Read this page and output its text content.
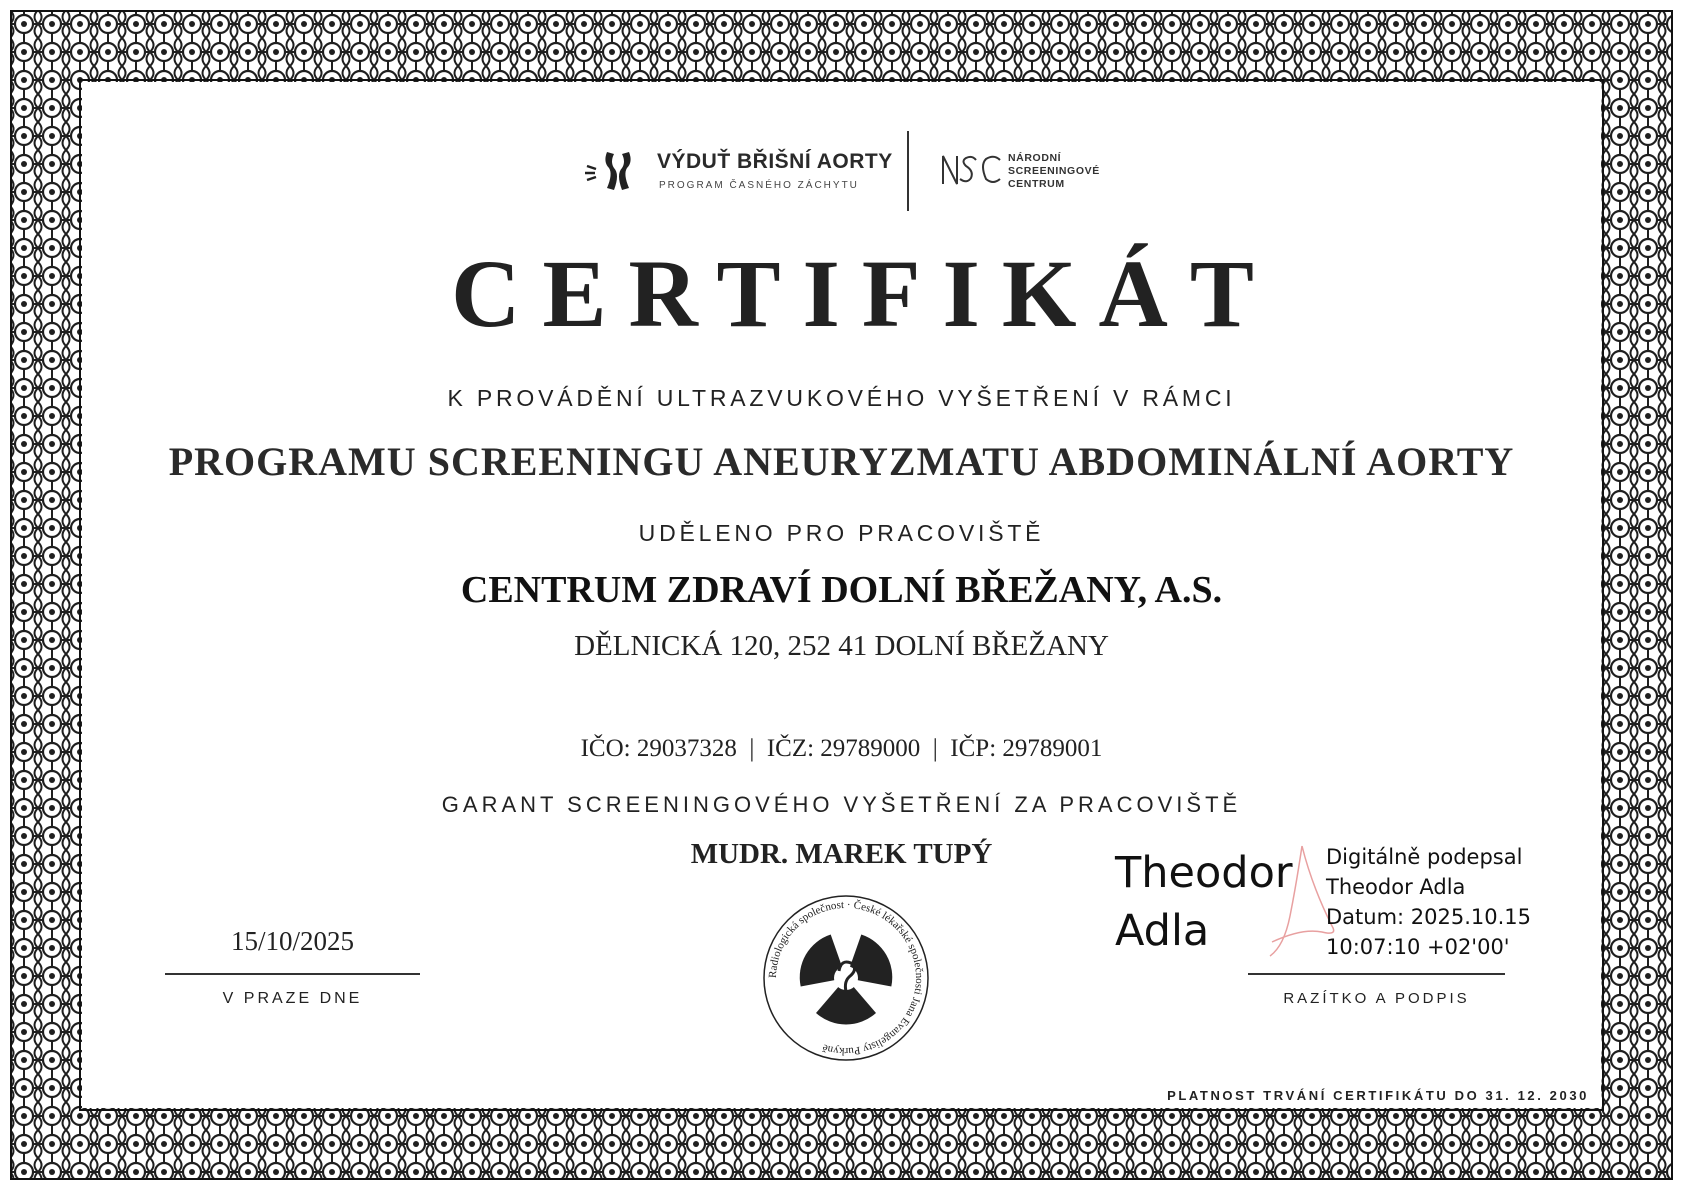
VÝDUŤ BŘIŠNÍ AORTY
PROGRAM ČASNÉHO ZÁCHYTU
NÁRODNÍ
SCREENINGOVÉ
CENTRUM
CERTIFIKÁT
K PROVÁDĚNÍ ULTRAZVUKOVÉHO VYŠETŘENÍ V RÁMCI
PROGRAMU SCREENINGU ANEURYZMATU ABDOMINÁLNÍ AORTY
UDĚLENO PRO PRACOVIŠTĚ
CENTRUM ZDRAVÍ DOLNÍ BŘEŽANY, A.S.
DĚLNICKÁ 120, 252 41 DOLNÍ BŘEŽANY
IČO: 29037328  |  IČZ: 29789000  |  IČP: 29789001
GARANT SCREENINGOVÉHO VYŠETŘENÍ ZA PRACOVIŠTĚ
MUDR. MAREK TUPÝ
15/10/2025
V PRAZE DNE
Radiologická společnost · České lékařské společnosti Jana Evangelisty Purkyně
Theodor
Adla
Digitálně podepsal
Theodor Adla
Datum: 2025.10.15
10:07:10 +02'00'
RAZÍTKO A PODPIS
PLATNOST TRVÁNÍ CERTIFIKÁTU DO 31. 12. 2030
